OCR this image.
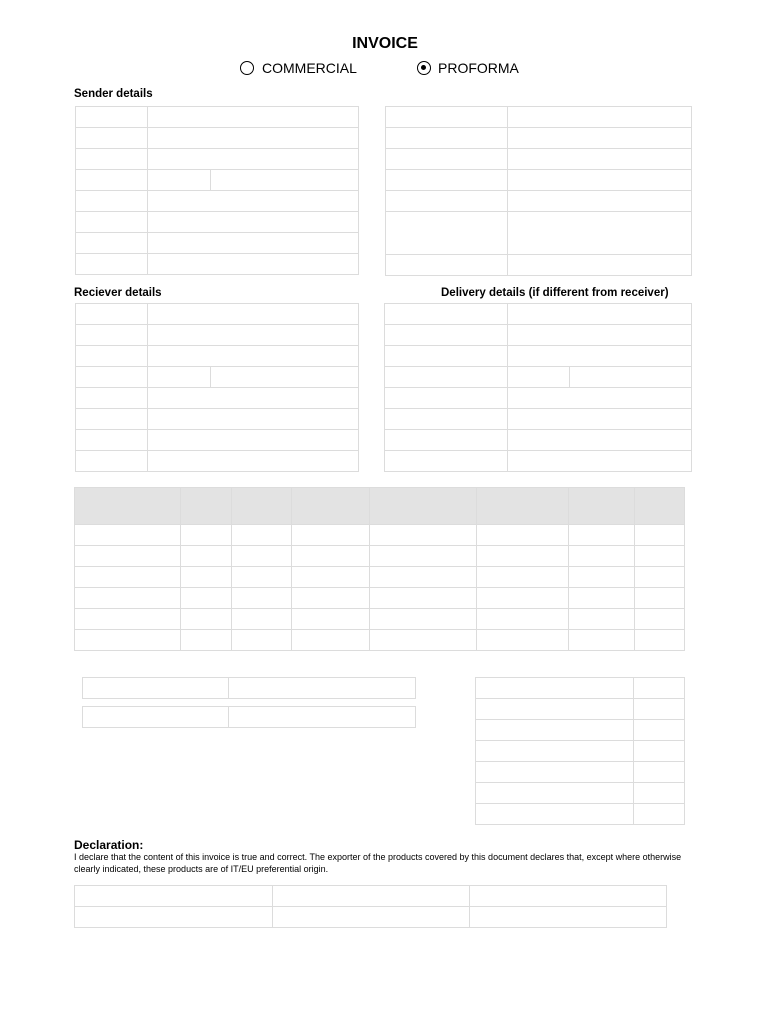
INVOICE
COMMERCIAL	PROFORMA
Sender details

Reciever details	Delivery details (if different from receiver)

Declaration:
I declare that the content of this invoice is true and correct. The exporter of the products covered by this document declares that, except where otherwise clearly indicated, these products are of IT/EU preferential origin.
